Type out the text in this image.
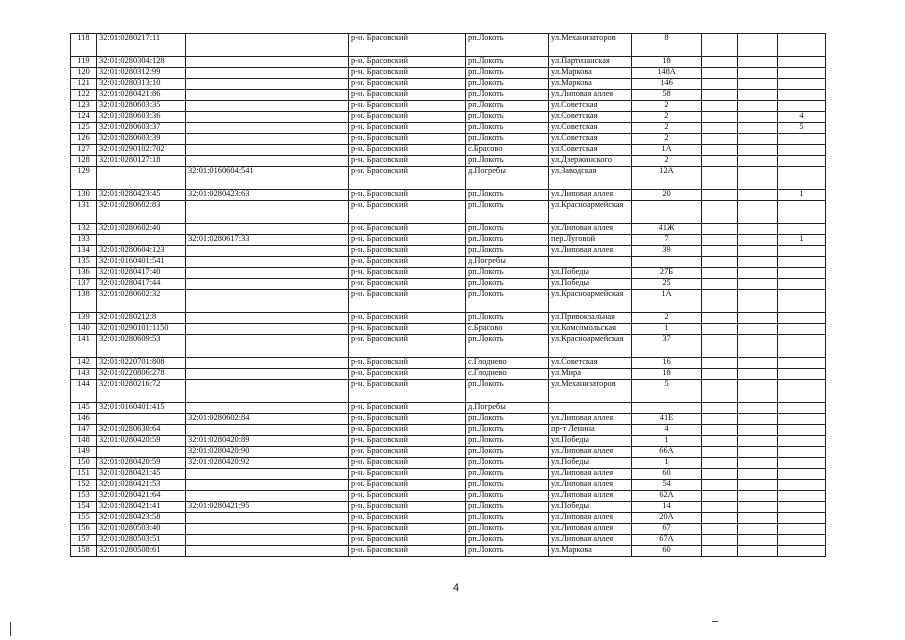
118	32:01:0280217:11		р-н. Брасовский	рп.Локоть	ул.Механизаторов	8			
119	32:01:0280304:128		р-н. Брасовский	рп.Локоть	ул.Партизанская	18			
120	32:01:0280312:99		р-н. Брасовский	рп.Локоть	ул.Маркова	148А			
121	32:01:0280313:10		р-н. Брасовский	рп.Локоть	ул.Маркова	146			
122	32:01:0280421:86		р-н. Брасовский	рп.Локоть	ул.Липовая аллея	58			
123	32:01:0280603:35		р-н. Брасовский	рп.Локоть	ул.Советская	2			
124	32:01:0280603:36		р-н. Брасовский	рп.Локоть	ул.Советская	2			4
125	32:01:0280603:37		р-н. Брасовский	рп.Локоть	ул.Советская	2			5
126	32:01:0280603:39		р-н. Брасовский	рп.Локоть	ул.Советская	2			
127	32:01:0290102:702		р-н. Брасовский	с.Брасово	ул.Советская	1А			
128	32:01:0280127:18		р-н. Брасовский	рп.Локоть	ул.Дзержинского	2			
129		32:01:0160604:541	р-н. Брасовский	д.Погребы	ул.Заводская	12А			
130	32:01:0280423:45	32:01:0280423:63	р-н. Брасовский	рп.Локоть	ул.Липовая аллея	20			1
131	32:01:0280602:83		р-н. Брасовский	рп.Локоть	ул.Красноармейская				
132	32:01:0280602:40		р-н. Брасовский	рп.Локоть	ул.Липовая аллея	41Ж			
133		32:01:0280617:33	р-н. Брасовский	рп.Локоть	пер.Луговой	7			1
134	32:01:0280604:123		р-н. Брасовский	рп.Локоть	ул.Липовая аллея	39			
135	32:01:0160401:541		р-н. Брасовский	д.Погребы					
136	32:01:0280417:40		р-н. Брасовский	рп.Локоть	ул.Победы	27Б			
137	32:01:0280417:44		р-н. Брасовский	рп.Локоть	ул.Победы	25			
138	32:01:0280602:32		р-н. Брасовский	рп.Локоть	ул.Красноармейская	1А			
139	32:01:0280212:8		р-н. Брасовский	рп.Локоть	ул.Привокзальная	2			
140	32:01:0290101:1150		р-н. Брасовский	с.Брасово	ул.Комсомольская	1			
141	32:01:0280609:53		р-н. Брасовский	рп.Локоть	ул.Красноармейская	37			
142	32:01:0220701:808		р-н. Брасовский	с.Глоднево	ул.Советская	16			
143	32:01:0220806:278		р-н. Брасовский	с.Глоднево	ул.Мира	18			
144	32:01:0280216:72		р-н. Брасовский	рп.Локоть	ул.Механизаторов	5			
145	32:01:0160401:415		р-н. Брасовский	д.Погребы					
146		32:01:0280602:84	р-н. Брасовский	рп.Локоть	ул.Липовая аллея	41Е			
147	32:01:0280630:64		р-н. Брасовский	рп.Локоть	пр-т Ленина	4			
148	32:01:0280420:59	32:01:0280420:89	р-н. Брасовский	рп.Локоть	ул.Победы	1			
149		32:01:0280420:90	р-н. Брасовский	рп.Локоть	ул.Липовая аллея	66А			
150	32:01:0280420:59	32:01:0280420:92	р-н. Брасовский	рп.Локоть	ул.Победы	1			
151	32:01:0280421:45		р-н. Брасовский	рп.Локоть	ул.Липовая аллея	60			
152	32:01:0280421:53		р-н. Брасовский	рп.Локоть	ул.Липовая аллея	54			
153	32:01:0280421:64		р-н. Брасовский	рп.Локоть	ул.Липовая аллея	62А			
154	32:01:0280421:41	32:01:0280421:95	р-н. Брасовский	рп.Локоть	ул.Победы	14			
155	32:01:0280423:58		р-н. Брасовский	рп.Локоть	ул.Липовая аллея	20А			
156	32:01:0280503:40		р-н. Брасовский	рп.Локоть	ул.Липовая аллея	67			
157	32:01:0280503:51		р-н. Брасовский	рп.Локоть	ул.Липовая аллея	67А			
158	32:01:0280508:61		р-н. Брасовский	рп.Локоть	ул.Маркова	60			
4
